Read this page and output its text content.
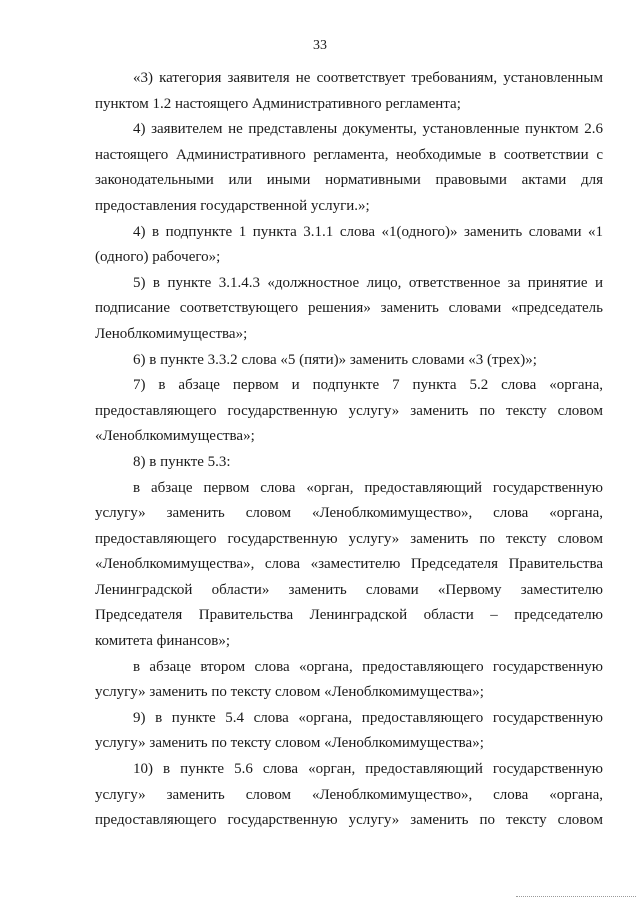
33

«3) категория заявителя не соответствует требованиям, установленным
пунктом 1.2 настоящего Административного регламента;

4) заявителем не представлены документы, установленные пунктом 2.6
настоящего Административного регламента, необходимые в соответствии с
законодательными или иными нормативными правовыми актами для
предоставления государственной услуги.»;

4) в подпункте 1 пункта 3.1.1 слова «1(одного)» заменить словами «1
(одного) рабочего»;

5) в пункте 3.1.4.3 «должностное лицо, ответственное за принятие и
подписание соответствующего решения» заменить словами «председатель
Леноблкомимущества»;

6) в пункте 3.3.2 слова «5 (пяти)» заменить словами «3 (трех)»;

7) в абзаце первом и подпункте 7 пункта 5.2 слова «органа,
предоставляющего государственную услугу» заменить по тексту словом
«Леноблкомимущества»;

8) в пункте 5.3:

в абзаце первом слова «орган, предоставляющий государственную
услугу» заменить словом «Леноблкомимущество», слова «органа,
предоставляющего государственную услугу» заменить по тексту словом
«Леноблкомимущества», слова «заместителю Председателя Правительства
Ленинградской области» заменить словами «Первому заместителю
Председателя Правительства Ленинградской области – председателю
комитета финансов»;

в абзаце втором слова «органа, предоставляющего государственную
услугу» заменить по тексту словом «Леноблкомимущества»;

9) в пункте 5.4 слова «органа, предоставляющего государственную
услугу» заменить по тексту словом «Леноблкомимущества»;

10) в пункте 5.6 слова «орган, предоставляющий государственную
услугу» заменить словом «Леноблкомимущество», слова «органа,
предоставляющего государственную услугу» заменить по тексту словом
